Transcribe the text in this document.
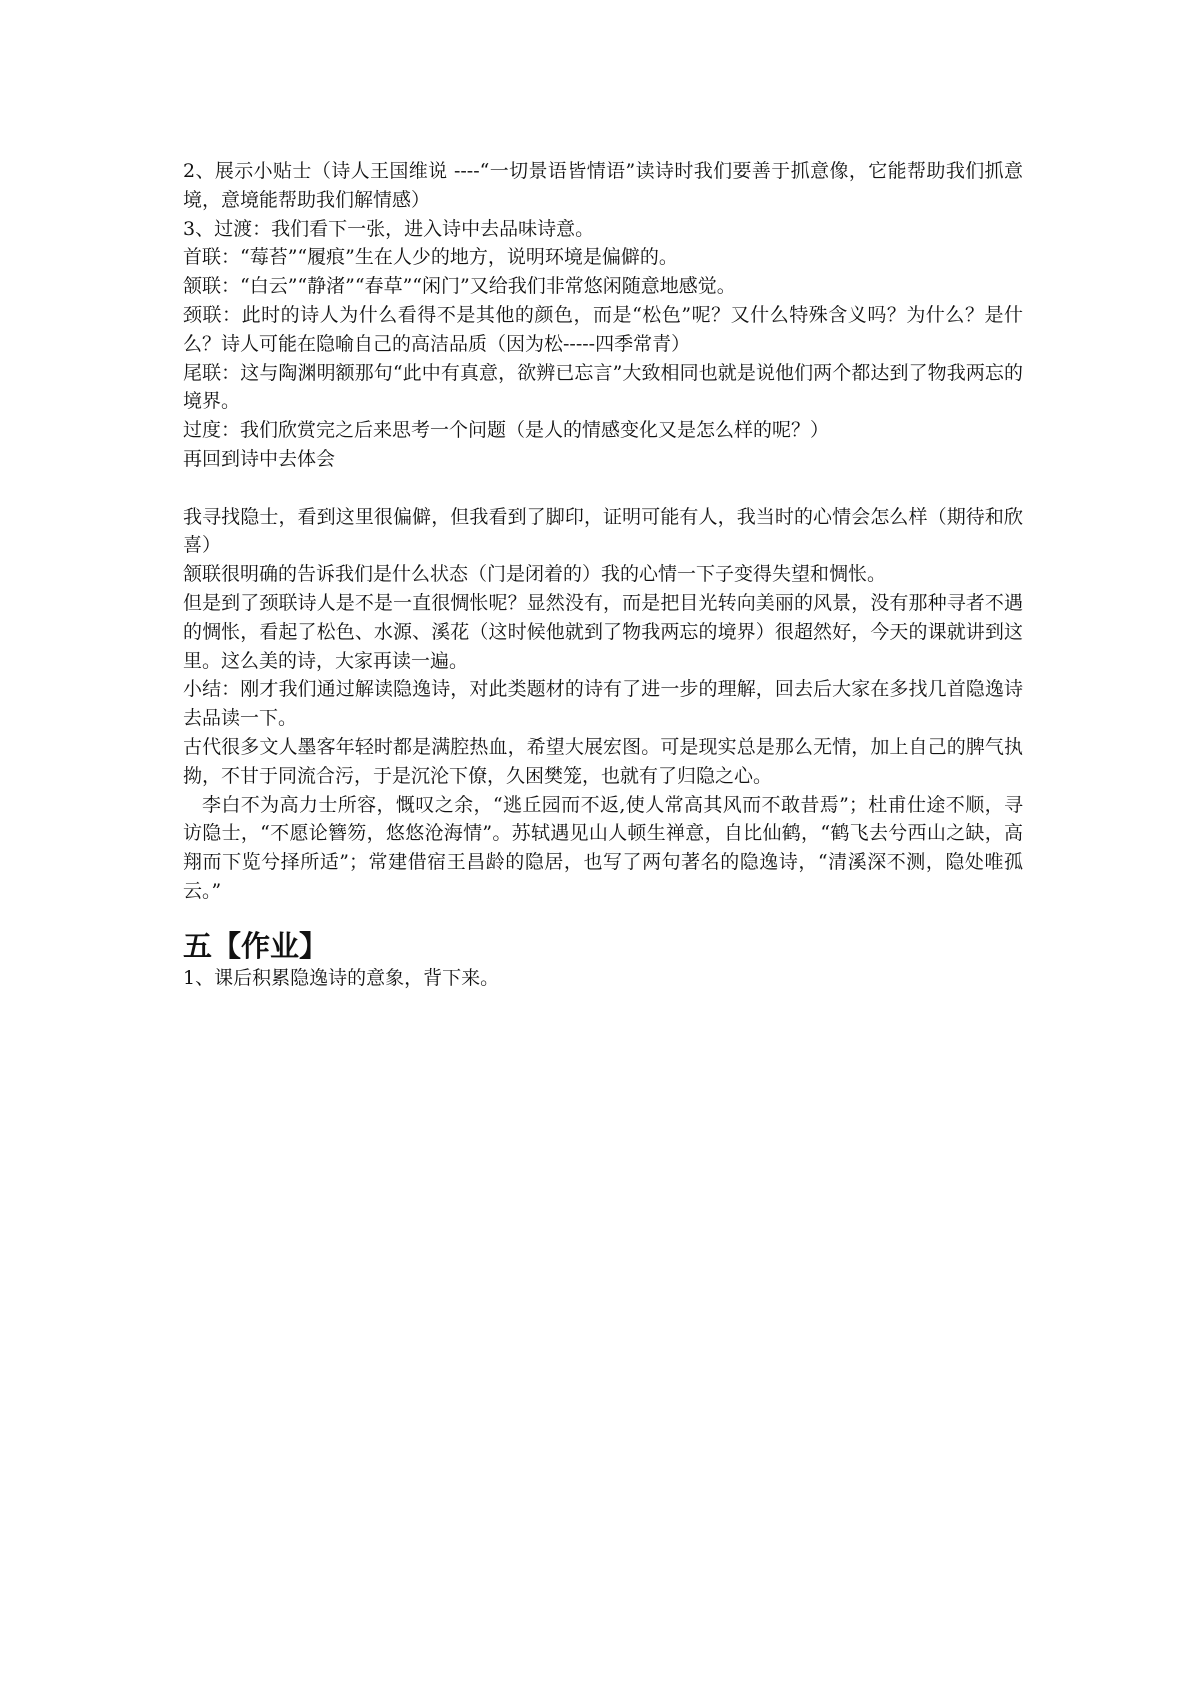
2、展示小贴士（诗人王国维说 ----“一切景语皆情语”读诗时我们要善于抓意像，它能帮助我们抓意境，意境能帮助我们解情感）

3、过渡：我们看下一张，进入诗中去品味诗意。

首联：“莓苔”“履痕”生在人少的地方，说明环境是偏僻的。

颔联：“白云”“静渚”“春草”“闲门”又给我们非常悠闲随意地感觉。

颈联：此时的诗人为什么看得不是其他的颜色，而是“松色”呢？又什么特殊含义吗？为什么？是什么？诗人可能在隐喻自己的高洁品质（因为松-----四季常青）

尾联：这与陶渊明额那句“此中有真意，欲辨已忘言”大致相同也就是说他们两个都达到了物我两忘的境界。

过度：我们欣赏完之后来思考一个问题（是人的情感变化又是怎么样的呢？）

再回到诗中去体会

我寻找隐士，看到这里很偏僻，但我看到了脚印，证明可能有人，我当时的心情会怎么样（期待和欣喜）

颔联很明确的告诉我们是什么状态（门是闭着的）我的心情一下子变得失望和惆怅。

但是到了颈联诗人是不是一直很惆怅呢？显然没有，而是把目光转向美丽的风景，没有那种寻者不遇的惆怅，看起了松色、水源、溪花（这时候他就到了物我两忘的境界）很超然好，今天的课就讲到这里。这么美的诗，大家再读一遍。

小结：刚才我们通过解读隐逸诗，对此类题材的诗有了进一步的理解，回去后大家在多找几首隐逸诗去品读一下。

古代很多文人墨客年轻时都是满腔热血，希望大展宏图。可是现实总是那么无情，加上自己的脾气执拗，不甘于同流合污，于是沉沦下僚，久困樊笼，也就有了归隐之心。

李白不为高力士所容，慨叹之余，“逃丘园而不返,使人常高其风而不敢昔焉”；杜甫仕途不顺，寻访隐士，“不愿论簪笏，悠悠沧海情”。苏轼遇见山人顿生禅意，自比仙鹤，“鹤飞去兮西山之缺，高翔而下览兮择所适”；常建借宿王昌龄的隐居，也写了两句著名的隐逸诗，“清溪深不测，隐处唯孤云。”

五【作业】

1、课后积累隐逸诗的意象，背下来。
